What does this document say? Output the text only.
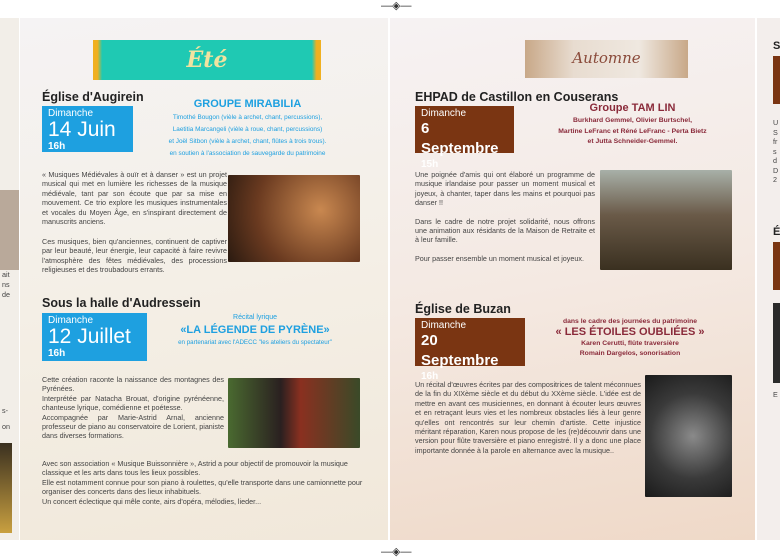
—◈—
—◈—
ait
ns
de
s-
on
Été
Église d'Augirein
Dimanche
14 Juin
16h
GROUPE MIRABILIA
Timothé Bougon (vièle à archet, chant, percussions),
Laetitia Marcangeli (vièle à roue, chant, percussions)
et Joël Sitbon (vièle à archet, chant, flûtes à trois trous).
en soutien à l'association de sauvegarde du patrimoine
« Musiques Médiévales à ouïr et à danser » est un projet musical qui met en lumière les richesses de la musique médiévale, tant par son écoute que par sa mise en mouvement. Ce trio explore les musiques instrumentales et vocales du Moyen Âge, en s'inspirant directement de manuscrits anciens.
Ces musiques, bien qu'anciennes, continuent de captiver par leur beauté, leur énergie, leur capacité à faire revivre l'atmosphère des fêtes médiévales, des processions religieuses et des troubadours errants.
Sous la halle d'Audressein
Dimanche
12 Juillet
16h
Récital lyrique
«LA LÉGENDE DE PYRÈNE»
en partenariat avec l'ADECC "les ateliers du spectateur"
Cette création raconte la naissance des montagnes des Pyrénées.
Interprétée par Natacha Brouat, d'origine pyrénéenne, chanteuse lyrique, comédienne et poétesse.
Accompagnée par Marie-Astrid Arnal, ancienne professeur de piano au conservatoire de Lorient, pianiste dans diverses formations.
Avec son association « Musique Buissonnière », Astrid a pour objectif de promouvoir la musique classique et les arts dans tous les lieux possibles.
Elle est notamment connue pour son piano à roulettes, qu'elle transporte dans une camionnette pour organiser des concerts dans des lieux inhabituels.
Un concert éclectique qui mêle conte, airs d'opéra, mélodies, lieder...
Automne
EHPAD de Castillon en Couserans
Dimanche
6 Septembre
15h
Groupe TAM LIN
Burkhard Gemmel, Olivier Burtschel,
Martine LeFranc et Réné LeFranc - Perta Bietz
et Jutta Schneider-Gemmel.
Une poignée d'amis qui ont élaboré un programme de musique irlandaise pour passer un moment musical et joyeux, à chanter, taper dans les mains et pourquoi pas danser !!
Dans le cadre de notre projet solidarité, nous offrons une animation aux résidants de la Maison de Retraite et à leur famille.
Pour passer ensemble un moment musical et joyeux.
Église de Buzan
Dimanche
20 Septembre
16h
dans le cadre des journées du patrimoine
« LES ÉTOILES OUBLIÉES »
Karen Cerutti, flûte traversière
Romain Dargelos, sonorisation
Un récital d'œuvres écrites par des compositrices de talent méconnues de la fin du XIXème siècle et du début du XXème siècle. L'idée est de mettre en avant ces musiciennes, en donnant à écouter leurs œuvres et en retraçant leurs vies et les nombreux obstacles liés à leur genre qu'elles ont rencontrés sur leur chemin d'artiste. Cette injustice méritant réparation, Karen nous propose de les (re)découvrir dans une version pour flûte traversière et piano enregistré. Il y a donc une place importante donnée à la parole en alternance avec la musique..
S
U
S
fr
s
d
D
2
É
E
